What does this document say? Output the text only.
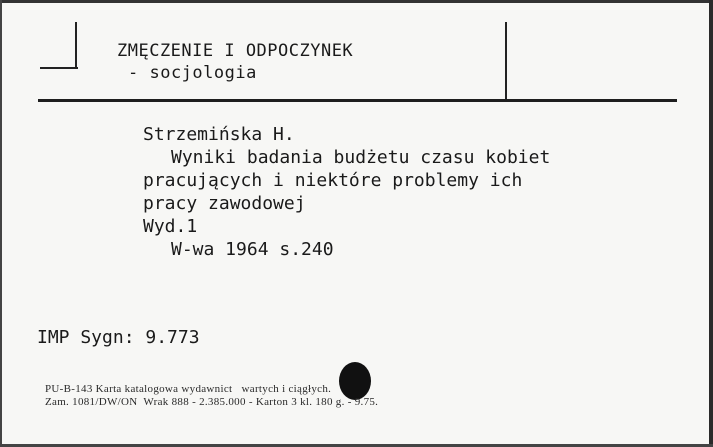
ZMĘCZENIE I ODPOCZYNEK
- socjologia
Strzemińska H.
Wyniki badania budżetu czasu kobiet
pracujących i niektóre problemy ich
pracy zawodowej
Wyd.1
W-wa 1964 s.240
IMP Sygn: 9.773
PU-B-143 Karta katalogowa wydawnict   wartych i ciągłych.
Zam. 1081/DW/ON  Wrak 888 - 2.385.000 - Karton 3 kl. 180 g. - 9.75.
